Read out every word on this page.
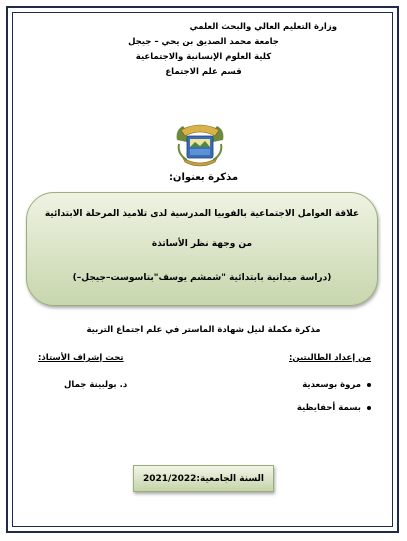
وزارة التعليم العالي والبحث العلمي
جامعة محمد الصديق بن يحي – جيجل
كلية العلوم الإنسانية والاجتماعية
قسم علم الاجتماع
مذكرة بعنوان:
علاقة العوامل الاجتماعية بالفوبيا المدرسية لدى تلاميذ المرحلة الابتدائية
من وجهة نظر الأساتذة
(دراسة ميدانية بابتدائية "شمشم يوسف"بتاسوست–جيجل–)
مذكرة مكملة لنيل شهادة الماستر في علم اجتماع التربية
من إعداد الطالبتين:
تحت إشراف الأستاذ:
مروة بوسعدية
بسمة أحفايظية
د. بولبينة جمال
السنة الجامعية:2021/2022
